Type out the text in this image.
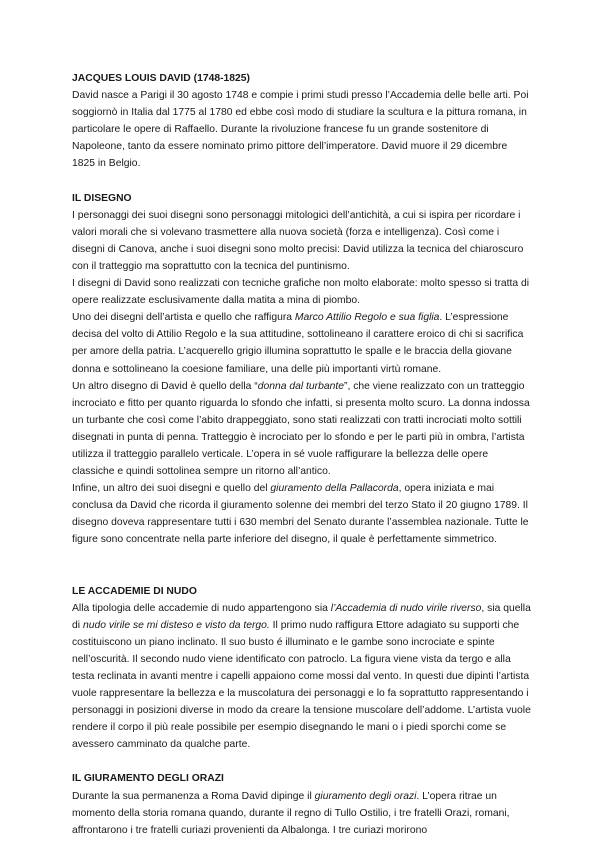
JACQUES LOUIS DAVID (1748-1825)

David nasce a Parigi il 30 agosto 1748 e compie i primi studi presso l’Accademia delle belle arti. Poi soggiornò in Italia dal 1775 al 1780 ed ebbe così modo di studiare la scultura e la pittura romana, in particolare le opere di Raffaello. Durante la rivoluzione francese fu un grande sostenitore di Napoleone, tanto da essere nominato primo pittore dell’imperatore. David muore il 29 dicembre 1825 in Belgio.

IL DISEGNO

I personaggi dei suoi disegni sono personaggi mitologici dell’antichità, a cui si ispira per ricordare i valori morali che si volevano trasmettere alla nuova società (forza e intelligenza). Così come i disegni di Canova, anche i suoi disegni sono molto precisi: David utilizza la tecnica del chiaroscuro con il tratteggio ma soprattutto con la tecnica del puntinismo.

I disegni di David sono realizzati con tecniche grafiche non molto elaborate: molto spesso si tratta di opere realizzate esclusivamente dalla matita a mina di piombo.

Uno dei disegni dell’artista e quello che raffigura Marco Attilio Regolo e sua figlia. L’espressione decisa del volto di Attilio Regolo e la sua attitudine, sottolineano il carattere eroico di chi si sacrifica per amore della patria. L’acquerello grigio illumina soprattutto le spalle e le braccia della giovane donna e sottolineano la coesione familiare, una delle più importanti virtù romane.

Un altro disegno di David è quello della “donna dal turbante”, che viene realizzato con un tratteggio incrociato e fitto per quanto riguarda lo sfondo che infatti, si presenta molto scuro. La donna indossa un turbante che così come l’abito drappeggiato, sono stati realizzati con tratti incrociati molto sottili disegnati in punta di penna. Tratteggio è incrociato per lo sfondo e per le parti più in ombra, l’artista utilizza il tratteggio parallelo verticale. L’opera in sé vuole raffigurare la bellezza delle opere classiche e quindi sottolinea sempre un ritorno all’antico.

Infine, un altro dei suoi disegni e quello del giuramento della Pallacorda, opera iniziata e mai conclusa da David che ricorda il giuramento solenne dei membri del terzo Stato il 20 giugno 1789. Il disegno doveva rappresentare tutti i 630 membri del Senato durante l’assemblea nazionale. Tutte le figure sono concentrate nella parte inferiore del disegno, il quale è perfettamente simmetrico.

LE ACCADEMIE DI NUDO

Alla tipologia delle accademie di nudo appartengono sia l’Accademia di nudo virile riverso, sia quella di nudo virile se mi disteso e visto da tergo. Il primo nudo raffigura Ettore adagiato su supporti che costituiscono un piano inclinato. Il suo busto é illuminato e le gambe sono incrociate e spinte nell’oscurità. Il secondo nudo viene identificato con patroclo. La figura viene vista da tergo e alla testa reclinata in avanti mentre i capelli appaiono come mossi dal vento. In questi due dipinti l’artista vuole rappresentare la bellezza e la muscolatura dei personaggi e lo fa soprattutto rappresentando i personaggi in posizioni diverse in modo da creare la tensione muscolare dell’addome. L’artista vuole rendere il corpo il più reale possibile per esempio disegnando le mani o i piedi sporchi come se avessero camminato da qualche parte.

IL GIURAMENTO DEGLI ORAZI

Durante la sua permanenza a Roma David dipinge il giuramento degli orazi. L’opera ritrae un momento della storia romana quando, durante il regno di Tullo Ostilio, i tre fratelli Orazi, romani, affrontarono i tre fratelli curiazi provenienti da Albalonga. I tre curiazi morirono
